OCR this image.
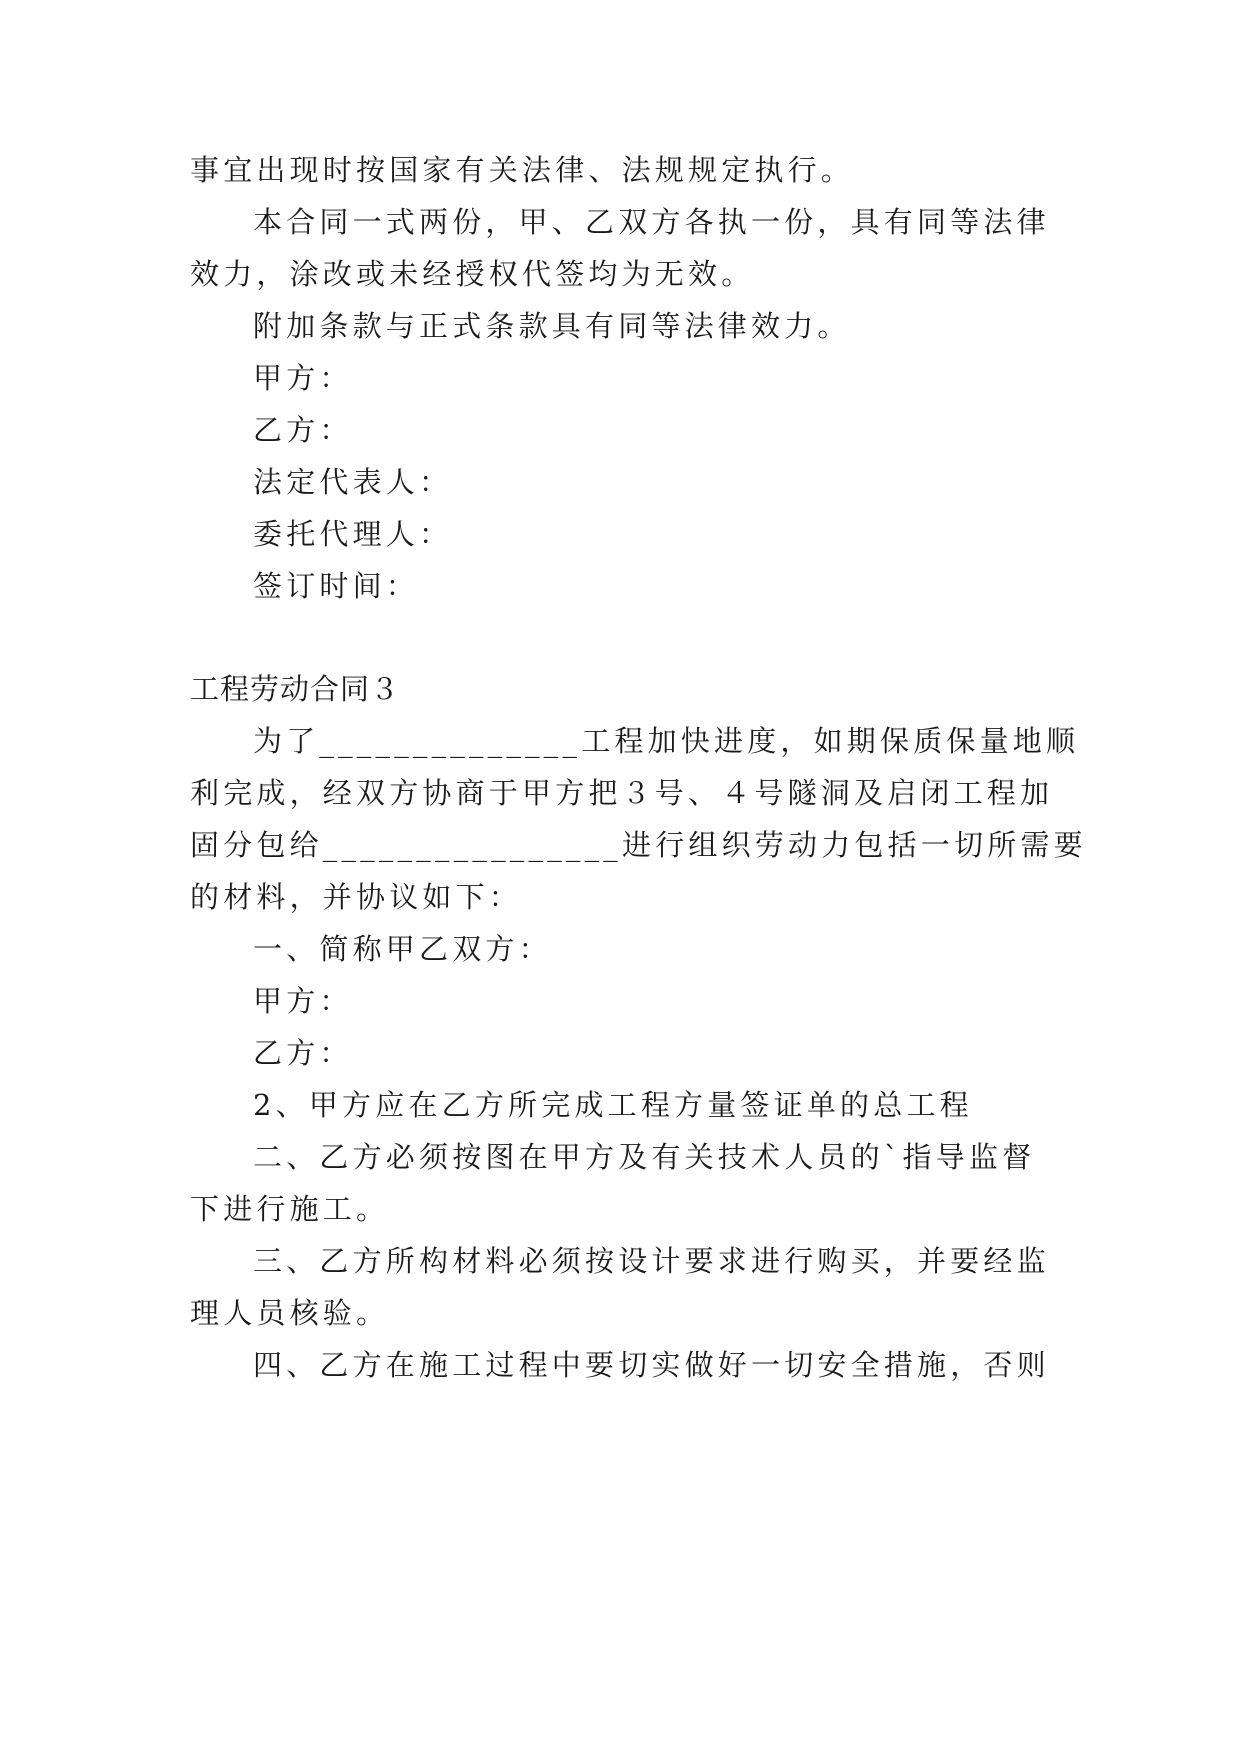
事宜出现时按国家有关法律、法规规定执行。
本合同一式两份，甲、乙双方各执一份，具有同等法律
效力，涂改或未经授权代签均为无效。
附加条款与正式条款具有同等法律效力。
甲方：
乙方：
法定代表人：
委托代理人：
签订时间：
工程劳动合同３
为了______________工程加快进度，如期保质保量地顺
利完成，经双方协商于甲方把３号、４号隧洞及启闭工程加
固分包给________________进行组织劳动力包括一切所需要
的材料，并协议如下：
一、简称甲乙双方：
甲方：
乙方：
2、甲方应在乙方所完成工程方量签证单的总工程
二、乙方必须按图在甲方及有关技术人员的`指导监督
下进行施工。
三、乙方所构材料必须按设计要求进行购买，并要经监
理人员核验。
四、乙方在施工过程中要切实做好一切安全措施，否则
